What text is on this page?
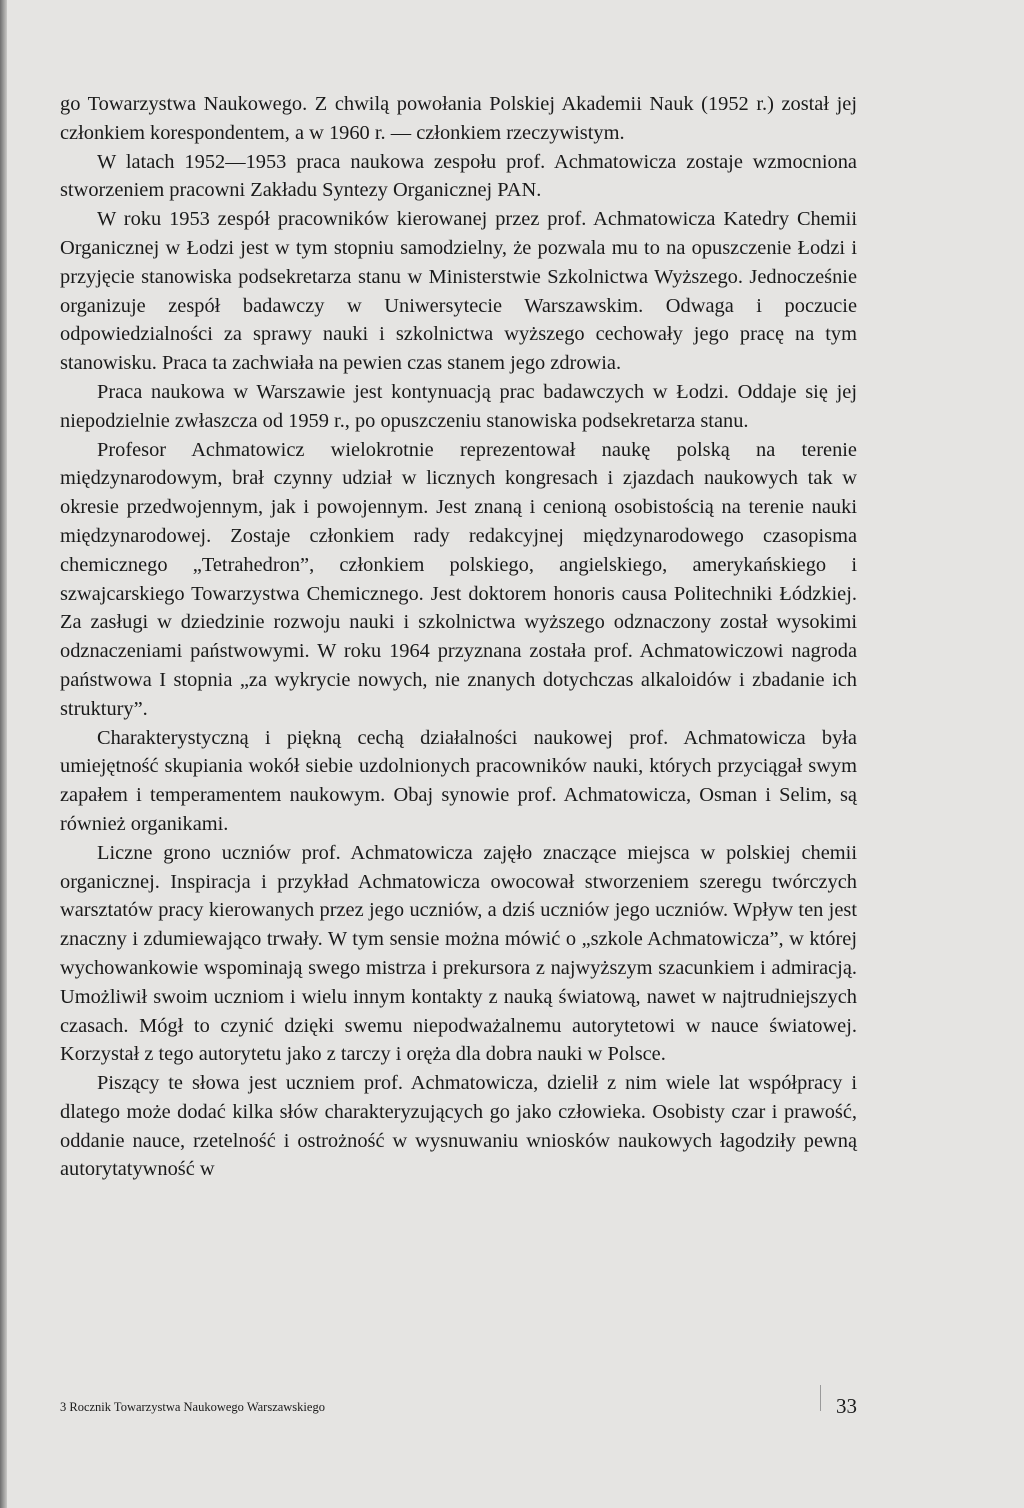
go Towarzystwa Naukowego. Z chwilą powołania Polskiej Akademii Nauk (1952 r.) został jej członkiem korespondentem, a w 1960 r. — członkiem rzeczywistym.

W latach 1952—1953 praca naukowa zespołu prof. Achmatowicza zostaje wzmocniona stworzeniem pracowni Zakładu Syntezy Organicznej PAN.

W roku 1953 zespół pracowników kierowanej przez prof. Achmatowicza Katedry Chemii Organicznej w Łodzi jest w tym stopniu samodzielny, że pozwala mu to na opuszczenie Łodzi i przyjęcie stanowiska podsekretarza stanu w Ministerstwie Szkolnictwa Wyższego. Jednocześnie organizuje zespół badawczy w Uniwersytecie Warszawskim. Odwaga i poczucie odpowiedzialności za sprawy nauki i szkolnictwa wyższego cechowały jego pracę na tym stanowisku. Praca ta zachwiała na pewien czas stanem jego zdrowia.

Praca naukowa w Warszawie jest kontynuacją prac badawczych w Łodzi. Oddaje się jej niepodzielnie zwłaszcza od 1959 r., po opuszczeniu stanowiska podsekretarza stanu.

Profesor Achmatowicz wielokrotnie reprezentował naukę polską na terenie międzynarodowym, brał czynny udział w licznych kongresach i zjazdach naukowych tak w okresie przedwojennym, jak i powojennym. Jest znaną i cenioną osobistością na terenie nauki międzynarodowej. Zostaje członkiem rady redakcyjnej międzynarodowego czasopisma chemicznego „Tetrahedron”, członkiem polskiego, angielskiego, amerykańskiego i szwajcarskiego Towarzystwa Chemicznego. Jest doktorem honoris causa Politechniki Łódzkiej. Za zasługi w dziedzinie rozwoju nauki i szkolnictwa wyższego odznaczony został wysokimi odznaczeniami państwowymi. W roku 1964 przyznana została prof. Achmatowiczowi nagroda państwowa I stopnia „za wykrycie nowych, nie znanych dotychczas alkaloidów i zbadanie ich struktury”.

Charakterystyczną i piękną cechą działalności naukowej prof. Achmatowicza była umiejętność skupiania wokół siebie uzdolnionych pracowników nauki, których przyciągał swym zapałem i temperamentem naukowym. Obaj synowie prof. Achmatowicza, Osman i Selim, są również organikami.

Liczne grono uczniów prof. Achmatowicza zajęło znaczące miejsca w polskiej chemii organicznej. Inspiracja i przykład Achmatowicza owocował stworzeniem szeregu twórczych warsztatów pracy kierowanych przez jego uczniów, a dziś uczniów jego uczniów. Wpływ ten jest znaczny i zdumiewająco trwały. W tym sensie można mówić o „szkole Achmatowicza”, w której wychowankowie wspominają swego mistrza i prekursora z najwyższym szacunkiem i admiracją. Umożliwił swoim uczniom i wielu innym kontakty z nauką światową, nawet w najtrudniejszych czasach. Mógł to czynić dzięki swemu niepodważalnemu autorytetowi w nauce światowej. Korzystał z tego autorytetu jako z tarczy i oręża dla dobra nauki w Polsce.

Piszący te słowa jest uczniem prof. Achmatowicza, dzielił z nim wiele lat współpracy i dlatego może dodać kilka słów charakteryzujących go jako człowieka. Osobisty czar i prawość, oddanie nauce, rzetelność i ostrożność w wysnuwaniu wniosków naukowych łagodziły pewną autorytatywność w

3 Rocznik Towarzystwa Naukowego Warszawskiego	33
